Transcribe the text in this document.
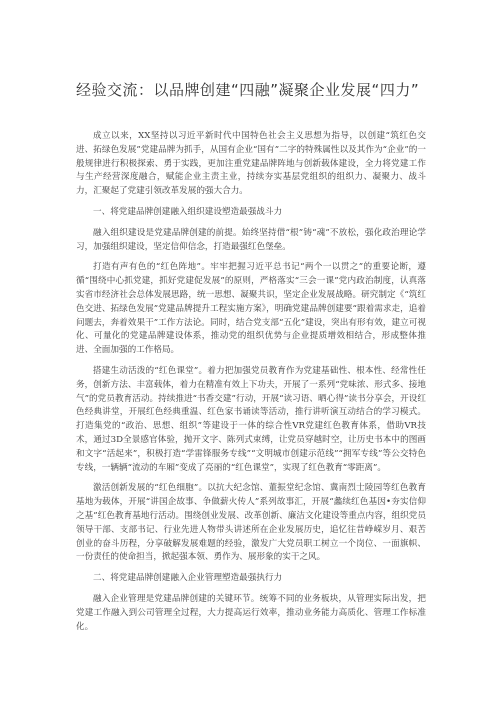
经验交流：以品牌创建“四融”凝聚企业发展“四力”

成立以来，XX坚持以习近平新时代中国特色社会主义思想为指导，以创建“筑红色交进、拓绿色发展”党建品牌为抓手，从国有企业“国有”二字的特殊属性以及其作为“企业”的一般规律进行积极探索、勇于实践，更加注重党建品牌阵地与创新载体建设，全力将党建工作与生产经营深度融合，赋能企业主责主业，持续夯实基层党组织的组织力、凝聚力、战斗力，汇聚起了党建引领改革发展的强大合力。

一、将党建品牌创建融入组织建设塑造最强战斗力

融入组织建设是党建品牌创建的前提。始终坚持借“根”铸“魂”不放松，强化政治理论学习，加强组织建设，坚定信仰信念，打造最强红色堡垒。

打造有声有色的“红色阵地”。牢牢把握习近平总书记“两个一以贯之”的重要论断，遵循“围绕中心抓党建，抓好党建促发展”的原则，严格落实“三会一课”党内政治制度，认真落实省市经济社会总体发展思路，统一思想、凝聚共识，坚定企业发展战略。研究制定《“筑红色交进、拓绿色发展”党建品牌提升工程实施方案》，明确党建品牌创建要“跟着需求走，追着问题去，奔着效果干”工作方法论。同时，结合党支部“五化”建设，突出有形有效，建立可视化、可量化的党建品牌建设体系，推动党的组织优势与企业提质增效相结合，形成整体推进、全面加强的工作格局。

搭建生动活泼的“红色课堂”。着力把加强党员教育作为党建基础性、根本性、经常性任务，创新方法、丰富载体，着力在精准有效上下功夫，开展了一系列“党味浓、形式多、接地气”的党员教育活动。持续推进“书香交建”行动，开展“读习语、晒心得”读书分享会，开设红色经典讲堂，开展红色经典重温、红色家书诵读等活动，推行讲听演互动结合的学习模式。打造集党的“政治、思想、组织”等建设于一体的综合性VR党建红色教育体系，借助VR技术，通过3D全景感官体验，抛开文字、陈列式束缚，让党员穿越时空，让历史书本中的图画和文字“活起来”，积极打造“学雷锋服务专线”“文明城市创建示范线”“拥军专线”等公交特色专线，一辆辆“流动的车厢”变成了亮丽的“红色课堂”，实现了红色教育“零距离”。

激活创新发展的“红色细胞”。以抗大纪念馆、董振堂纪念馆、冀南烈士陵园等红色教育基地为载体，开展“讲国企故事、争做薪火传人”系列故事汇，开展“蠡续红色基因•夯实信仰之基”红色教育基地行活动。围绕创业发展、改革创新、廉洁文化建设等重点内容，组织党员领导干部、支部书记、行业先进人物带头讲述所在企业发展历史，追忆往昔峥嵘岁月、艰苦创业的奋斗历程，分享破解发展难题的经验，激发广大党员职工树立一个岗位、一面旗帜、一份责任的使命担当，掀起强本领、勇作为、展形象的实干之风。

二、将党建品牌创建融入企业管理塑造最强执行力

融入企业管理是党建品牌创建的关键环节。统筹不同的业务板块，从管理实际出发，把党建工作融入到公司管理全过程，大力提高运行效率，推动业务能力高质化、管理工作标准化。
